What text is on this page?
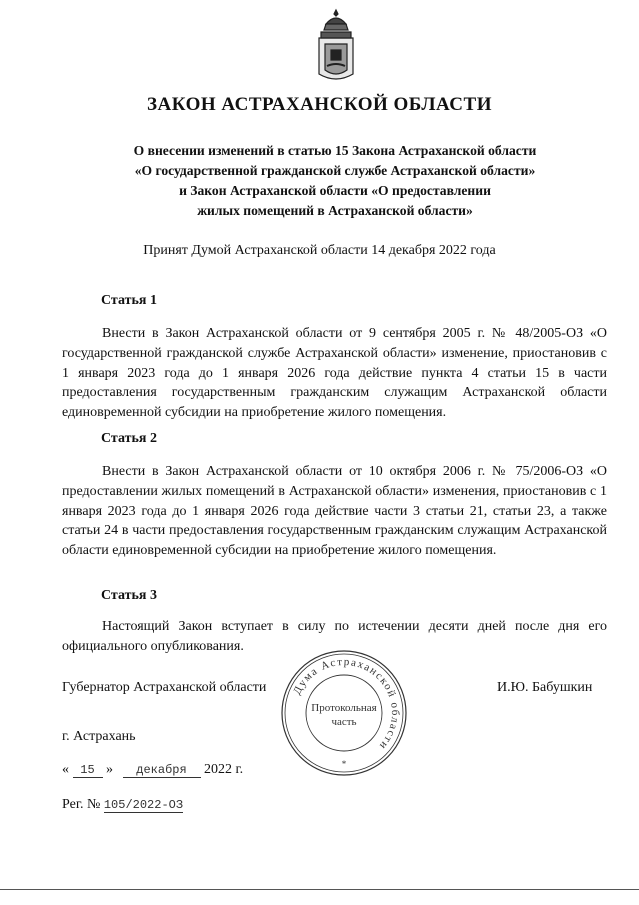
ЗАКОН АСТРАХАНСКОЙ ОБЛАСТИ
О внесении изменений в статью 15 Закона Астраханской области
«О государственной гражданской службе Астраханской области»
и Закон Астраханской области «О предоставлении
жилых помещений в Астраханской области»
Принят Думой Астраханской области 14 декабря 2022 года
Статья 1
Внести в Закон Астраханской области от 9 сентября 2005 г. № 48/2005-ОЗ «О государственной гражданской службе Астраханской области» изменение, приостановив с 1 января 2023 года до 1 января 2026 года действие пункта 4 статьи 15 в части предоставления государственным гражданским служащим Астраханской области единовременной субсидии на приобретение жилого помещения.
Статья 2
Внести в Закон Астраханской области от 10 октября 2006 г. № 75/2006-ОЗ «О предоставлении жилых помещений в Астраханской области» изменения, приостановив с 1 января 2023 года до 1 января 2026 года действие части 3 статьи 21, статьи 23, а также статьи 24 в части предоставления государственным гражданским служащим Астраханской области единовременной субсидии на приобретение жилого помещения.
Статья 3
Настоящий Закон вступает в силу по истечении десяти дней после дня его официального опубликования.
Губернатор Астраханской области	И.Ю. Бабушкин
Дума Астраханской области
Протокольная
часть
*
г. Астрахань
« 15 » декабря 2022 г.
Рег. № 105/2022-ОЗ
